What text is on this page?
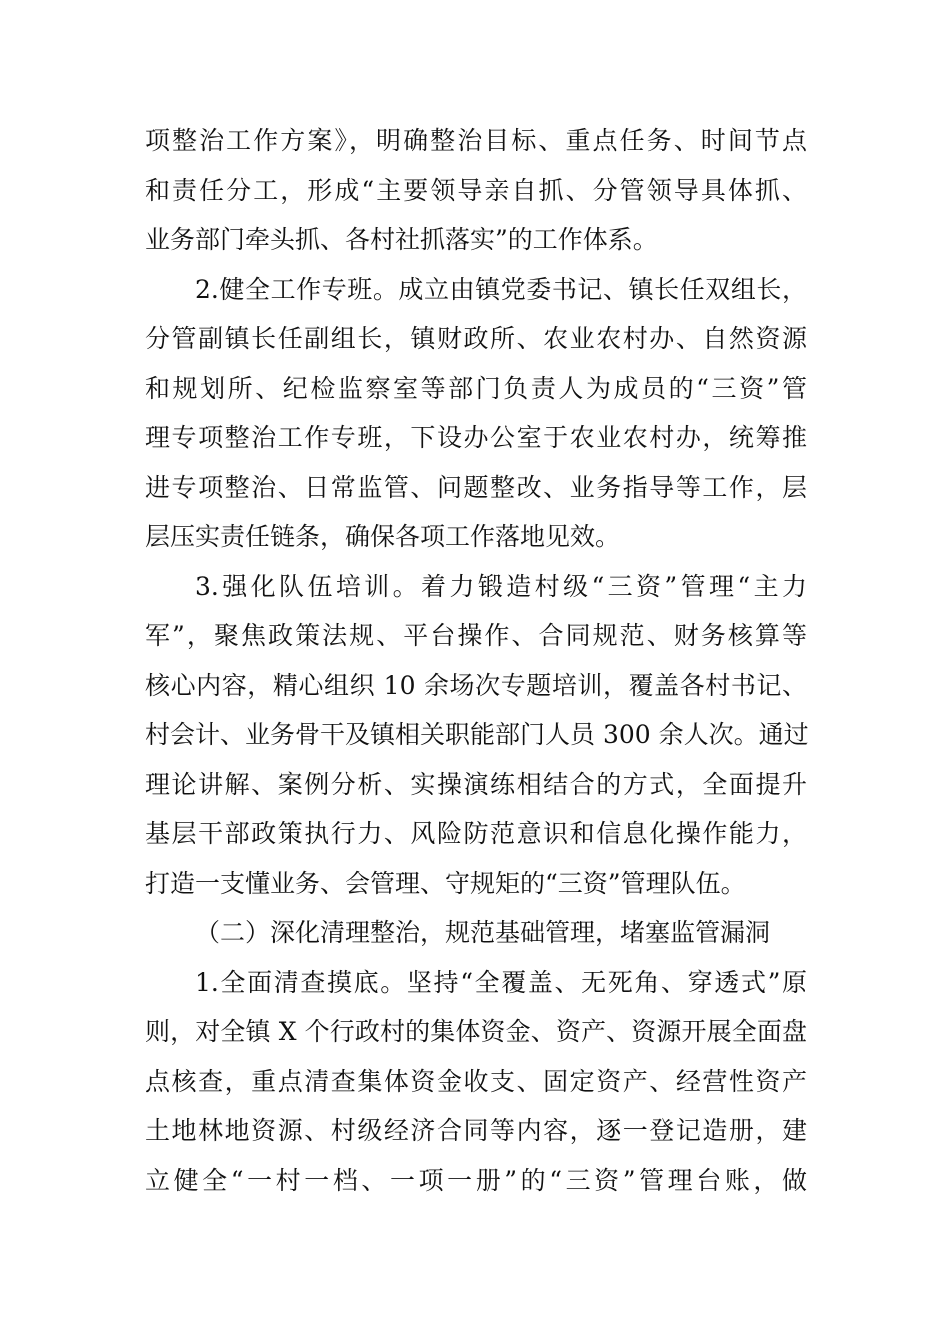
项整治工作方案》，明确整治目标、重点任务、时间节点
和责任分工，形成“主要领导亲自抓、分管领导具体抓、
业务部门牵头抓、各村社抓落实”的工作体系。
2.健全工作专班。成立由镇党委书记、镇长任双组长，
分管副镇长任副组长，镇财政所、农业农村办、自然资源
和规划所、纪检监察室等部门负责人为成员的“三资”管
理专项整治工作专班，下设办公室于农业农村办，统筹推
进专项整治、日常监管、问题整改、业务指导等工作，层
层压实责任链条，确保各项工作落地见效。
3.强化队伍培训。着力锻造村级“三资”管理“主力
军”，聚焦政策法规、平台操作、合同规范、财务核算等
核心内容，精心组织 10 余场次专题培训，覆盖各村书记、
村会计、业务骨干及镇相关职能部门人员 300 余人次。通过
理论讲解、案例分析、实操演练相结合的方式，全面提升
基层干部政策执行力、风险防范意识和信息化操作能力，
打造一支懂业务、会管理、守规矩的“三资”管理队伍。
（二）深化清理整治，规范基础管理，堵塞监管漏洞
1.全面清查摸底。坚持“全覆盖、无死角、穿透式”原
则，对全镇 X 个行政村的集体资金、资产、资源开展全面盘
点核查，重点清查集体资金收支、固定资产、经营性资产
土地林地资源、村级经济合同等内容，逐一登记造册，建
立健全“一村一档、一项一册”的“三资”管理台账，做
